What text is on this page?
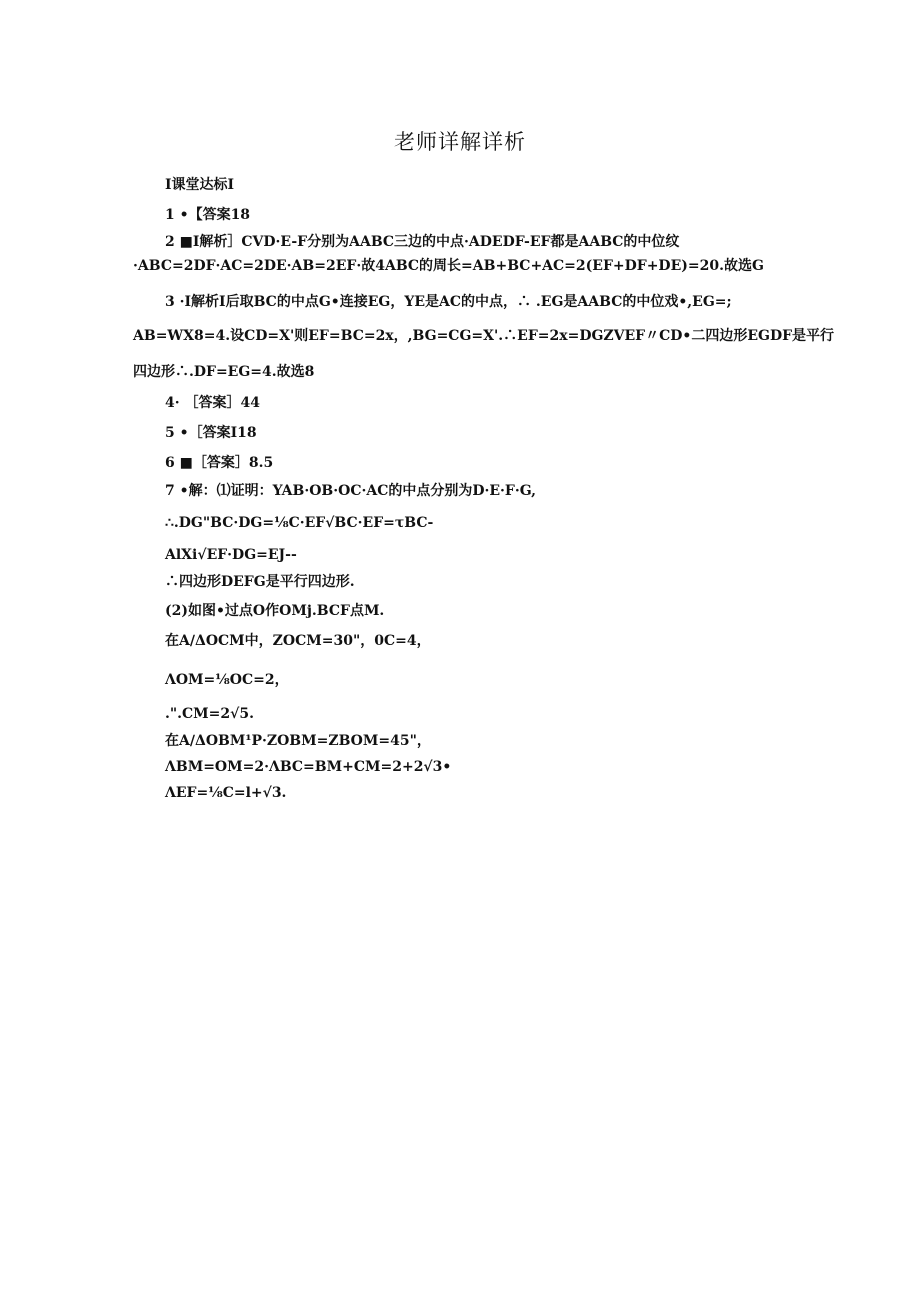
老师详解详析
I课堂达标I
1 •【答案18
2 ■I解析］CVD·E-F分别为AABC三边的中点·ADEDF-EF都是AABC的中位纹
·ABC=2DF·AC=2DE·AB=2EF·故4ABC的周长=AB+BC+AC=2(EF+DF+DE)=20.故选G
3 ·I解析I后取BC的中点G•连接EG，YE是AC的中点，∴ .EG是AABC的中位戏•,EG=;
AB=WX8=4.设CD=X'则EF=BC=2x，,BG=CG=X'.∴EF=2x=DGZVEF〃CD•二四边形EGDF是平行
四边形∴.DF=EG=4.故选8
4· ［答案］44
5 •［答案I18
6 ■［答案］8.5
7 •解：⑴证明：YAB·OB·OC·AC的中点分别为D·E·F·G,
∴.DG"BC·DG=⅛C·EF√BC·EF=τBC-
AlXi√EF·DG=EJ--
∴四边形DEFG是平行四边形.
(2)如图•过点O作OMj.BCF点M.
在A∕ΔOCM中，ZOCM=30"，0C=4，
ΛOM=⅛OC=2，
.".CM=2√5.
在A∕ΔOBM¹P·ZOBM=ZBOM=45"，
ΛBM=OM=2·ΛBC=BM+CM=2+2√3•
ΛEF=⅛C=l+√3.
